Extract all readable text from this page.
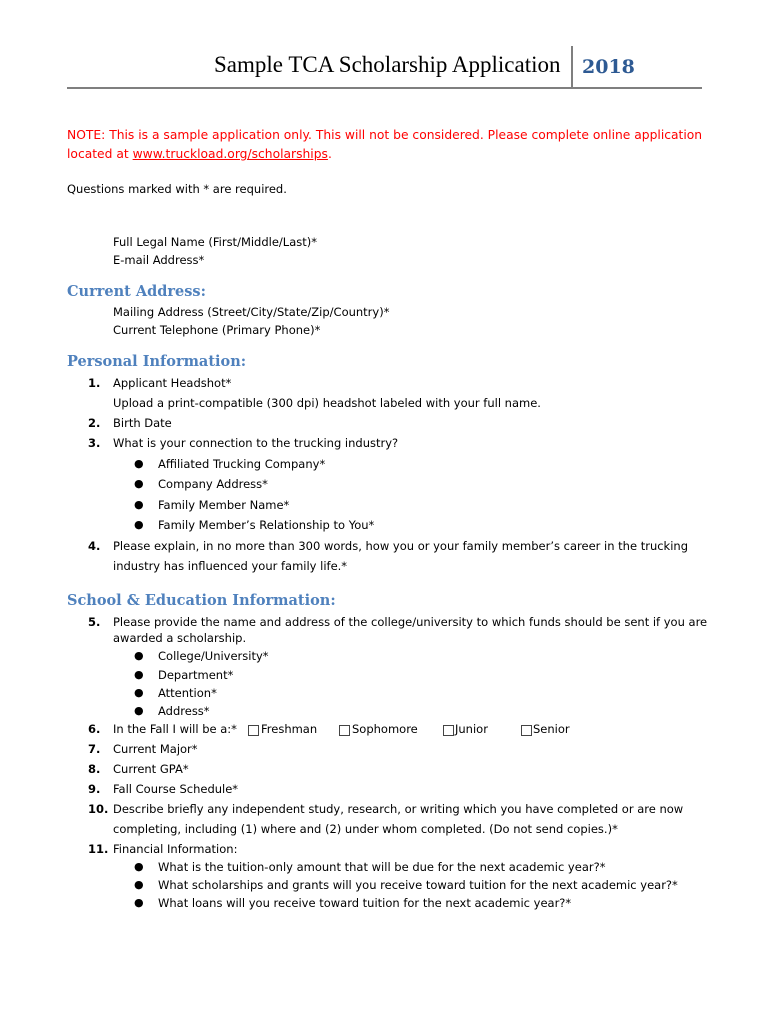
Sample TCA Scholarship Application 2018
NOTE: This is a sample application only. This will not be considered. Please complete online application located at www.truckload.org/scholarships.
Questions marked with * are required.
Full Legal Name (First/Middle/Last)*
E-mail Address*
Current Address:
Mailing Address (Street/City/State/Zip/Country)*
Current Telephone (Primary Phone)*
Personal Information:
1. Applicant Headshot*
Upload a print-compatible (300 dpi) headshot labeled with your full name.
2. Birth Date
3. What is your connection to the trucking industry?
● Affiliated Trucking Company*
● Company Address*
● Family Member Name*
● Family Member’s Relationship to You*
4. Please explain, in no more than 300 words, how you or your family member’s career in the trucking
industry has influenced your family life.*
School & Education Information:
5. Please provide the name and address of the college/university to which funds should be sent if you are
awarded a scholarship.
● College/University*
● Department*
● Attention*
● Address*
6. In the Fall I will be a:* Freshman	Sophomore	Junior	Senior
7. Current Major*
8. Current GPA*
9. Fall Course Schedule*
10. Describe briefly any independent study, research, or writing which you have completed or are now
completing, including (1) where and (2) under whom completed. (Do not send copies.)*
11. Financial Information:
● What is the tuition-only amount that will be due for the next academic year?*
● What scholarships and grants will you receive toward tuition for the next academic year?*
● What loans will you receive toward tuition for the next academic year?*
